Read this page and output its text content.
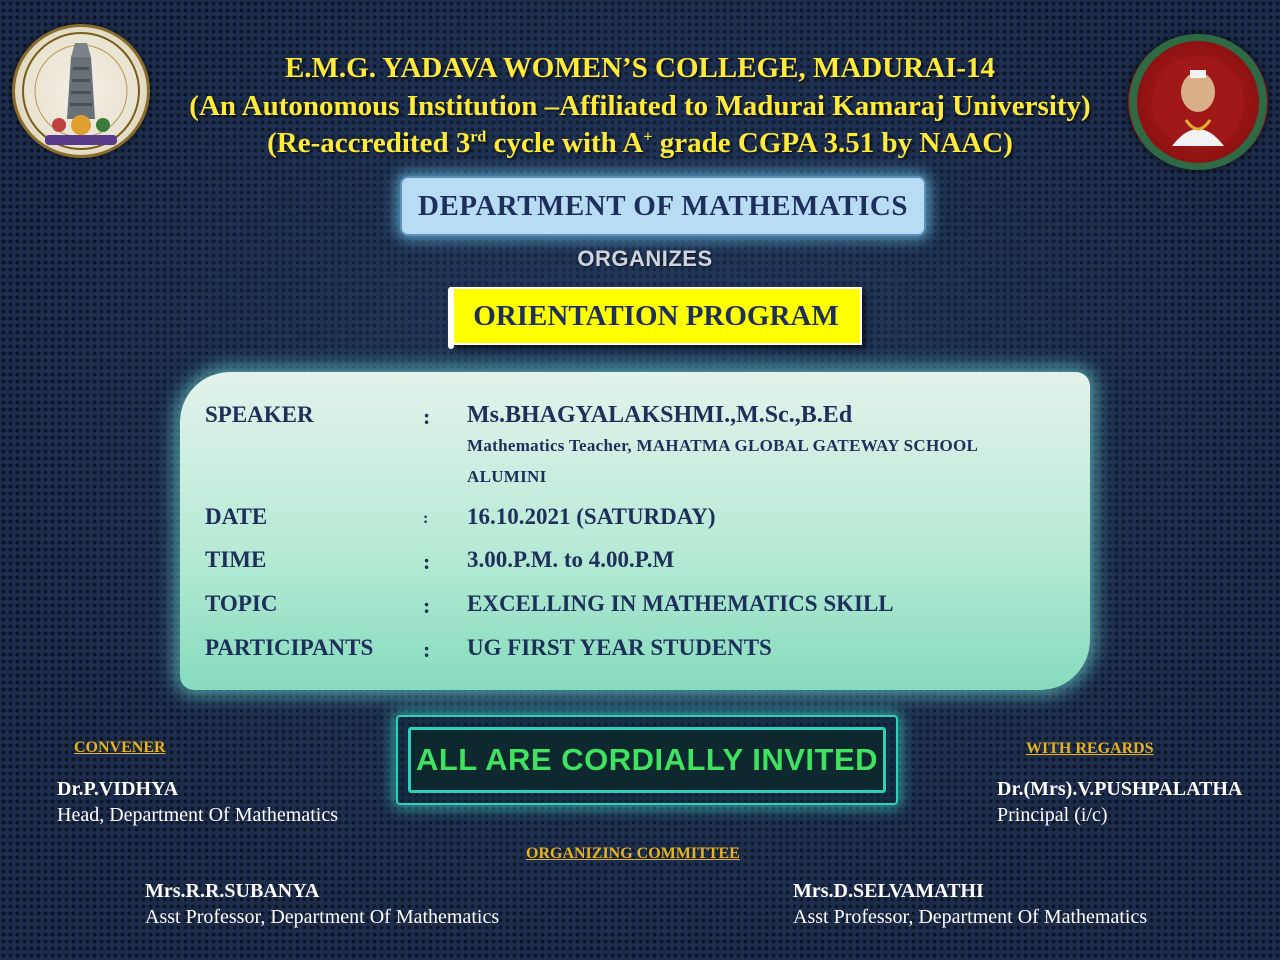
E.M.G. YADAVA WOMEN’S COLLEGE, MADURAI-14
(An Autonomous Institution –Affiliated to Madurai Kamaraj University)
(Re-accredited 3rd cycle with A+ grade CGPA 3.51 by NAAC)
DEPARTMENT OF MATHEMATICS
ORGANIZES
ORIENTATION PROGRAM
SPEAKER	: Ms.BHAGYALAKSHMI.,M.Sc.,B.Ed
Mathematics Teacher, MAHATMA GLOBAL GATEWAY SCHOOL
ALUMINI
DATE	: 16.10.2021 (SATURDAY)
TIME	: 3.00.P.M. to 4.00.P.M
TOPIC	: EXCELLING IN MATHEMATICS SKILL
PARTICIPANTS : UG FIRST YEAR STUDENTS
ALL ARE CORDIALLY INVITED
CONVENER
Dr.P.VIDHYA
Head, Department Of Mathematics
WITH REGARDS
Dr.(Mrs).V.PUSHPALATHA
Principal (i/c)
ORGANIZING COMMITTEE
Mrs.R.R.SUBANYA
Asst Professor, Department Of Mathematics
Mrs.D.SELVAMATHI
Asst Professor, Department Of Mathematics
